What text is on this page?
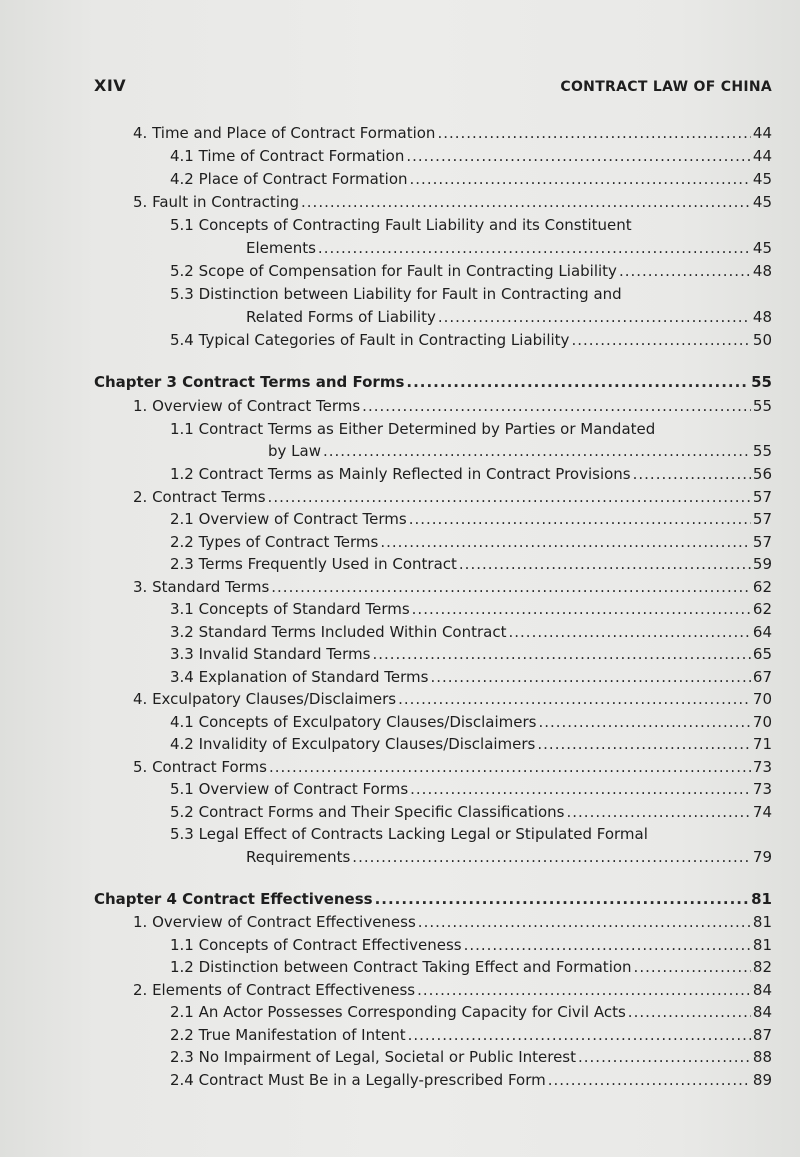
XIV	CONTRACT LAW OF CHINA
4. Time and Place of Contract Formation .....	44
4.1 Time of Contract Formation .....	44
4.2 Place of Contract Formation .....	45
5. Fault in Contracting .....	45
5.1 Concepts of Contracting Fault Liability and its Constituent
Elements .....	45
5.2 Scope of Compensation for Fault in Contracting Liability .....	48
5.3 Distinction between Liability for Fault in Contracting and
Related Forms of Liability .....	48
5.4 Typical Categories of Fault in Contracting Liability .....	50
Chapter 3 Contract Terms and Forms .....	55
1. Overview of Contract Terms .....	55
1.1 Contract Terms as Either Determined by Parties or Mandated
by Law .....	55
1.2 Contract Terms as Mainly Reflected in Contract Provisions .....	56
2. Contract Terms .....	57
2.1 Overview of Contract Terms .....	57
2.2 Types of Contract Terms .....	57
2.3 Terms Frequently Used in Contract .....	59
3. Standard Terms .....	62
3.1 Concepts of Standard Terms .....	62
3.2 Standard Terms Included Within Contract .....	64
3.3 Invalid Standard Terms .....	65
3.4 Explanation of Standard Terms .....	67
4. Exculpatory Clauses/Disclaimers .....	70
4.1 Concepts of Exculpatory Clauses/Disclaimers .....	70
4.2 Invalidity of Exculpatory Clauses/Disclaimers .....	71
5. Contract Forms .....	73
5.1 Overview of Contract Forms .....	73
5.2 Contract Forms and Their Specific Classifications .....	74
5.3 Legal Effect of Contracts Lacking Legal or Stipulated Formal
Requirements .....	79
Chapter 4 Contract Effectiveness .....	81
1. Overview of Contract Effectiveness .....	81
1.1 Concepts of Contract Effectiveness .....	81
1.2 Distinction between Contract Taking Effect and Formation .....	82
2. Elements of Contract Effectiveness .....	84
2.1 An Actor Possesses Corresponding Capacity for Civil Acts .....	84
2.2 True Manifestation of Intent .....	87
2.3 No Impairment of Legal, Societal or Public Interest .....	88
2.4 Contract Must Be in a Legally-prescribed Form .....	89
